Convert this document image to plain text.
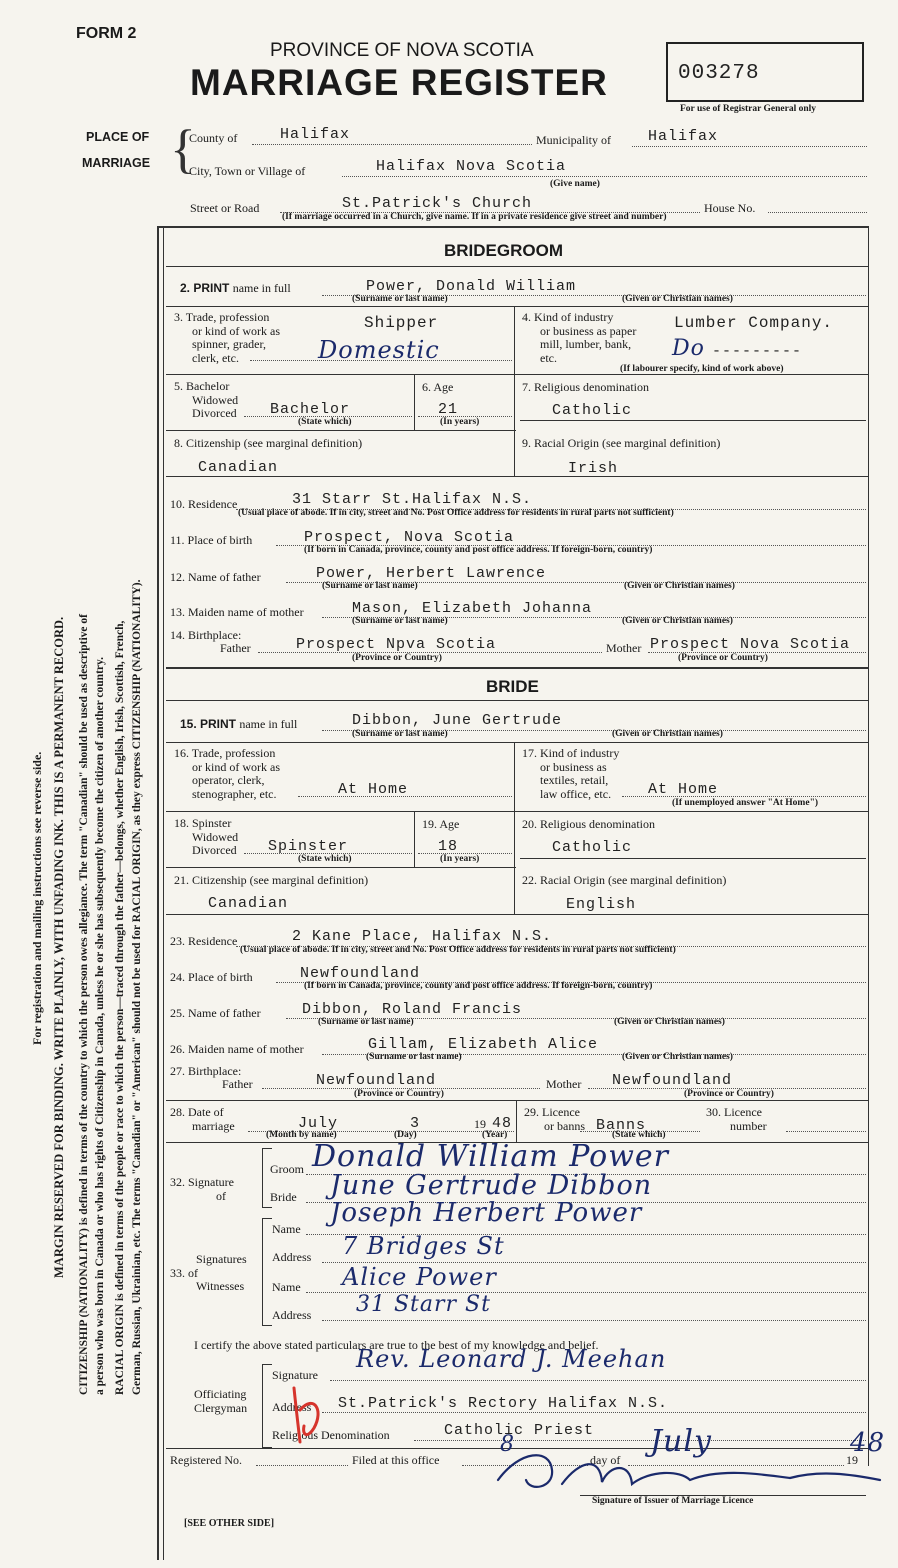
FORM 2
PROVINCE OF NOVA SCOTIA
MARRIAGE REGISTER	003278
For use of Registrar General only
For registration and mailing instructions see reverse side. MARGIN RESERVED FOR BINDING. WRITE PLAINLY, WITH UNFADING INK. THIS IS A PERMANENT RECORD. CITIZENSHIP (NATIONALITY) is defined in terms of the country to which the person owes allegiance. The term "Canadian" should be used as descriptive of a person who was born in Canada or who has rights of Citizenship in Canada, unless he or she has subsequently become the citizen of another country. RACIAL ORIGIN is defined in terms of the people or race to which the person—traced through the father—belongs, whether English, Irish, Scottish, French, German, Russian, Ukrainian, etc. The terms "Canadian" or "American" should not be used for RACIAL ORIGIN, as they express CITIZENSHIP (NATIONALITY).
PLACE OF
MARRIAGE {
County of	Halifax	Municipality of Halifax
City, Town or Village of	Halifax Nova Scotia
(Give name)
Street or Road	St.Patrick's Church	House No.
(If marriage occurred in a Church, give name. If in a private residence give street and number)
BRIDEGROOM
2. PRINT name in full	Power, Donald William
(Surname or last name)	(Given or Christian names)
3. Trade, profession
or kind of work as
spinner, grader,
clerk, etc.
Shipper
Domestic
4. Kind of industry
or business as paper
mill, lumber, bank,
etc.
Lumber Company.
Do ---------
(If labourer specify, kind of work above)
5. Bachelor
Widowed
Divorced Bachelor
(State which)
6. Age
21
(In years)
7. Religious denomination
Catholic
8. Citizenship (see marginal definition)
Canadian
9. Racial Origin (see marginal definition)
Irish
10. Residence	31 Starr St.Halifax N.S.
(Usual place of abode. If in city, street and No. Post Office address for residents in rural parts not sufficient)
11. Place of birth	Prospect, Nova Scotia
(If born in Canada, province, county and post office address. If foreign-born, country)
12. Name of father	Power, Herbert Lawrence
(Surname or last name)	(Given or Christian names)
13. Maiden name of mother	Mason, Elizabeth Johanna
(Surname or last name)	(Given or Christian names)
14. Birthplace:
Father	Prospect Npva Scotia
(Province or Country)
Mother Prospect Nova Scotia
(Province or Country)
BRIDE
15. PRINT name in full	Dibbon, June Gertrude
(Surname or last name)	(Given or Christian names)
16. Trade, profession
or kind of work as
operator, clerk,
stenographer, etc.	At Home
17. Kind of industry
or business as
textiles, retail,
law office, etc.	At Home
(If unemployed answer "At Home")
18. Spinster
Widowed
Divorced Spinster
(State which)
19. Age
18
(In years)
20. Religious denomination
Catholic
21. Citizenship (see marginal definition)
Canadian
22. Racial Origin (see marginal definition)
English
23. Residence	2 Kane Place, Halifax N.S.
(Usual place of abode. If in city, street and No. Post Office address for residents in rural parts not sufficient)
24. Place of birth	Newfoundland
(If born in Canada, province, county and post office address. If foreign-born, country)
25. Name of father	Dibbon, Roland Francis
(Surname or last name)	(Given or Christian names)
26. Maiden name of mother	Gillam, Elizabeth Alice
(Surname or last name)	(Given or Christian names)
27. Birthplace:
Father	Newfoundland
(Province or Country)
Mother Newfoundland
(Province or Country)
28. Date of
marriage	July	3	19 48
(Month by name)	(Day)	(Year)
29. Licence
or banns Banns
(State which)
30. Licence
number
32. Signature
of
Groom Donald William Power
Bride June Gertrude Dibbon
Signatures
33. of
Witnesses
Name
Joseph Herbert Power
Address 7 Bridges St
Name Alice Power
Address 31 Starr St
I certify the above stated particulars are true to the best of my knowledge and belief.
Officiating
Clergyman
Signature
Rev. Leonard J. Meehan
Address St.Patrick's Rectory Halifax N.S.
Religious Denomination	Catholic Priest
Registered No.	Filed at this office
8
day of
July
19
48
Signature of Issuer of Marriage Licence
[SEE OTHER SIDE]
